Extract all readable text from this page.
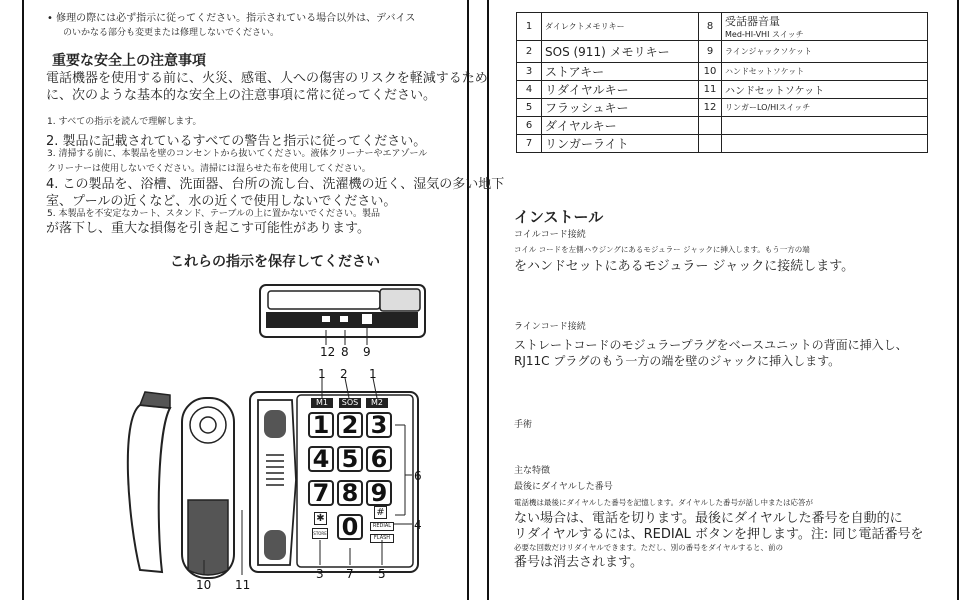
• 修理の際には必ず指示に従ってください。指示されている場合以外は、デバイス
のいかなる部分も変更または修理しないでください。
重要な安全上の注意事項
電話機器を使用する前に、火災、感電、人への傷害のリスクを軽減するため
に、次のような基本的な安全上の注意事項に常に従ってください。
1. すべての指示を読んで理解します。
2. 製品に記載されているすべての警告と指示に従ってください。
3. 清掃する前に、本製品を壁のコンセントから抜いてください。液体クリーナーやエアゾール
クリーナーは使用しないでください。清掃には湿らせた布を使用してください。
4. この製品を、浴槽、洗面器、台所の流し台、洗濯機の近く、湿気の多い地下
室、プールの近くなど、水の近くで使用しないでください。
5. 本製品を不安定なカート、スタンド、テーブルの上に置かないでください。製品
が落下し、重大な損傷を引き起こす可能性があります。
これらの指示を保存してください
M1	SOS	M2
1 2 3
4 5 6
7 8 9
0
✱
#
REDIAL
FLASH
STORE
1 2 1
6
4
3 7 5
10 11
12 8 9
1	ダイレクトメモリキー	8	受話器音量
Med-HI-VHI スイッチ

2	SOS (911) メモリキー	9	ラインジャックソケット
3	ストアキー	10	ハンドセットソケット
4	リダイヤルキー	11	ハンドセットソケット
5	フラッシュキー	12	リンガーLO/HIスイッチ
6	ダイヤルキー		
7	リンガーライト		
インストール
コイルコード接続
コイル コードを左側ハウジングにあるモジュラー ジャックに挿入します。もう一方の端
をハンドセットにあるモジュラー ジャックに接続します。
ラインコード接続
ストレートコードのモジュラープラグをベースユニットの背面に挿入し、
RJ11C プラグのもう一方の端を壁のジャックに挿入します。
手術
主な特徴
最後にダイヤルした番号
電話機は最後にダイヤルした番号を記憶します。ダイヤルした番号が話し中または応答が
ない場合は、電話を切ります。最後にダイヤルした番号を自動的に
リダイヤルするには、REDIAL ボタンを押します。注: 同じ電話番号を
必要な回数だけリダイヤルできます。ただし、別の番号をダイヤルすると、前の
番号は消去されます。
